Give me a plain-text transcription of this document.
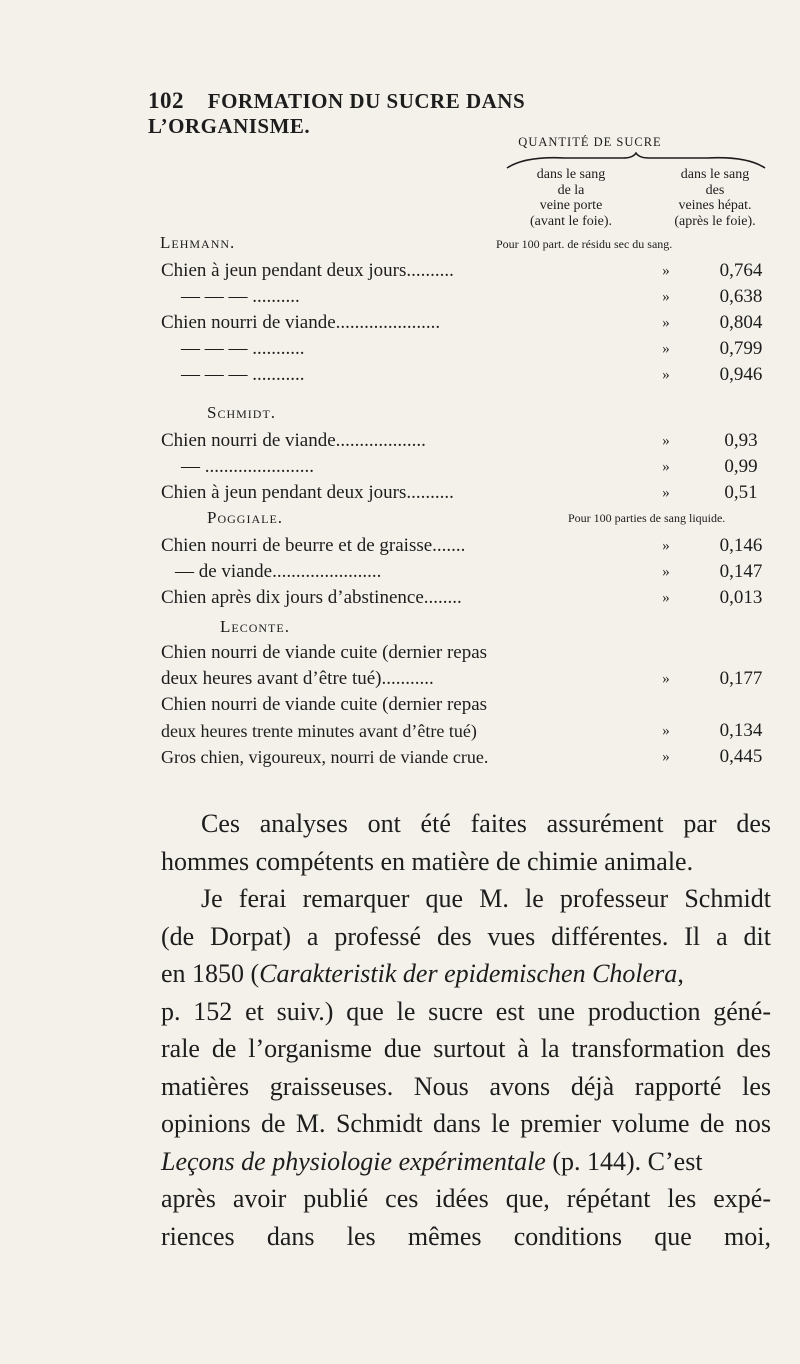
102 FORMATION DU SUCRE DANS L’ORGANISME.
QUANTITÉ DE SUCRE
dans le sang
de la
veine porte
(avant le foie).
dans le sang
des
veines hépat.
(après le foie).
Lehmann.	Pour 100 part. de résidu sec du sang.
Chien à jeun pendant deux jours..........	»	0,764
— — — ..........	»	0,638
Chien nourri de viande......................	»	0,804
— — — ...........	»	0,799
— — — ...........	»	0,946
Schmidt.
Chien nourri de viande...................	»	0,93
— .......................	»	0,99
Chien à jeun pendant deux jours..........	»	0,51
Poggiale.	Pour 100 parties de sang liquide.
Chien nourri de beurre et de graisse.......	»	0,146
— de viande.......................	»	0,147
Chien après dix jours d’abstinence........	»	0,013
Leconte.
Chien nourri de viande cuite (dernier repas
deux heures avant d’être tué)...........	»	0,177
Chien nourri de viande cuite (dernier repas
deux heures trente minutes avant d’être tué)	»	0,134
Gros chien, vigoureux, nourri de viande crue.	»	0,445
Ces analyses ont été faites assurément par des
hommes compétents en matière de chimie animale.
Je ferai remarquer que M. le professeur Schmidt
(de Dorpat) a professé des vues différentes. Il a dit
en 1850 (Carakteristik der epidemischen Cholera,
p. 152 et suiv.) que le sucre est une production géné-
rale de l’organisme due surtout à la transformation des
matières graisseuses. Nous avons déjà rapporté les
opinions de M. Schmidt dans le premier volume de nos
Leçons de physiologie expérimentale (p. 144). C’est
après avoir publié ces idées que, répétant les expé-
riences dans les mêmes conditions que moi,
